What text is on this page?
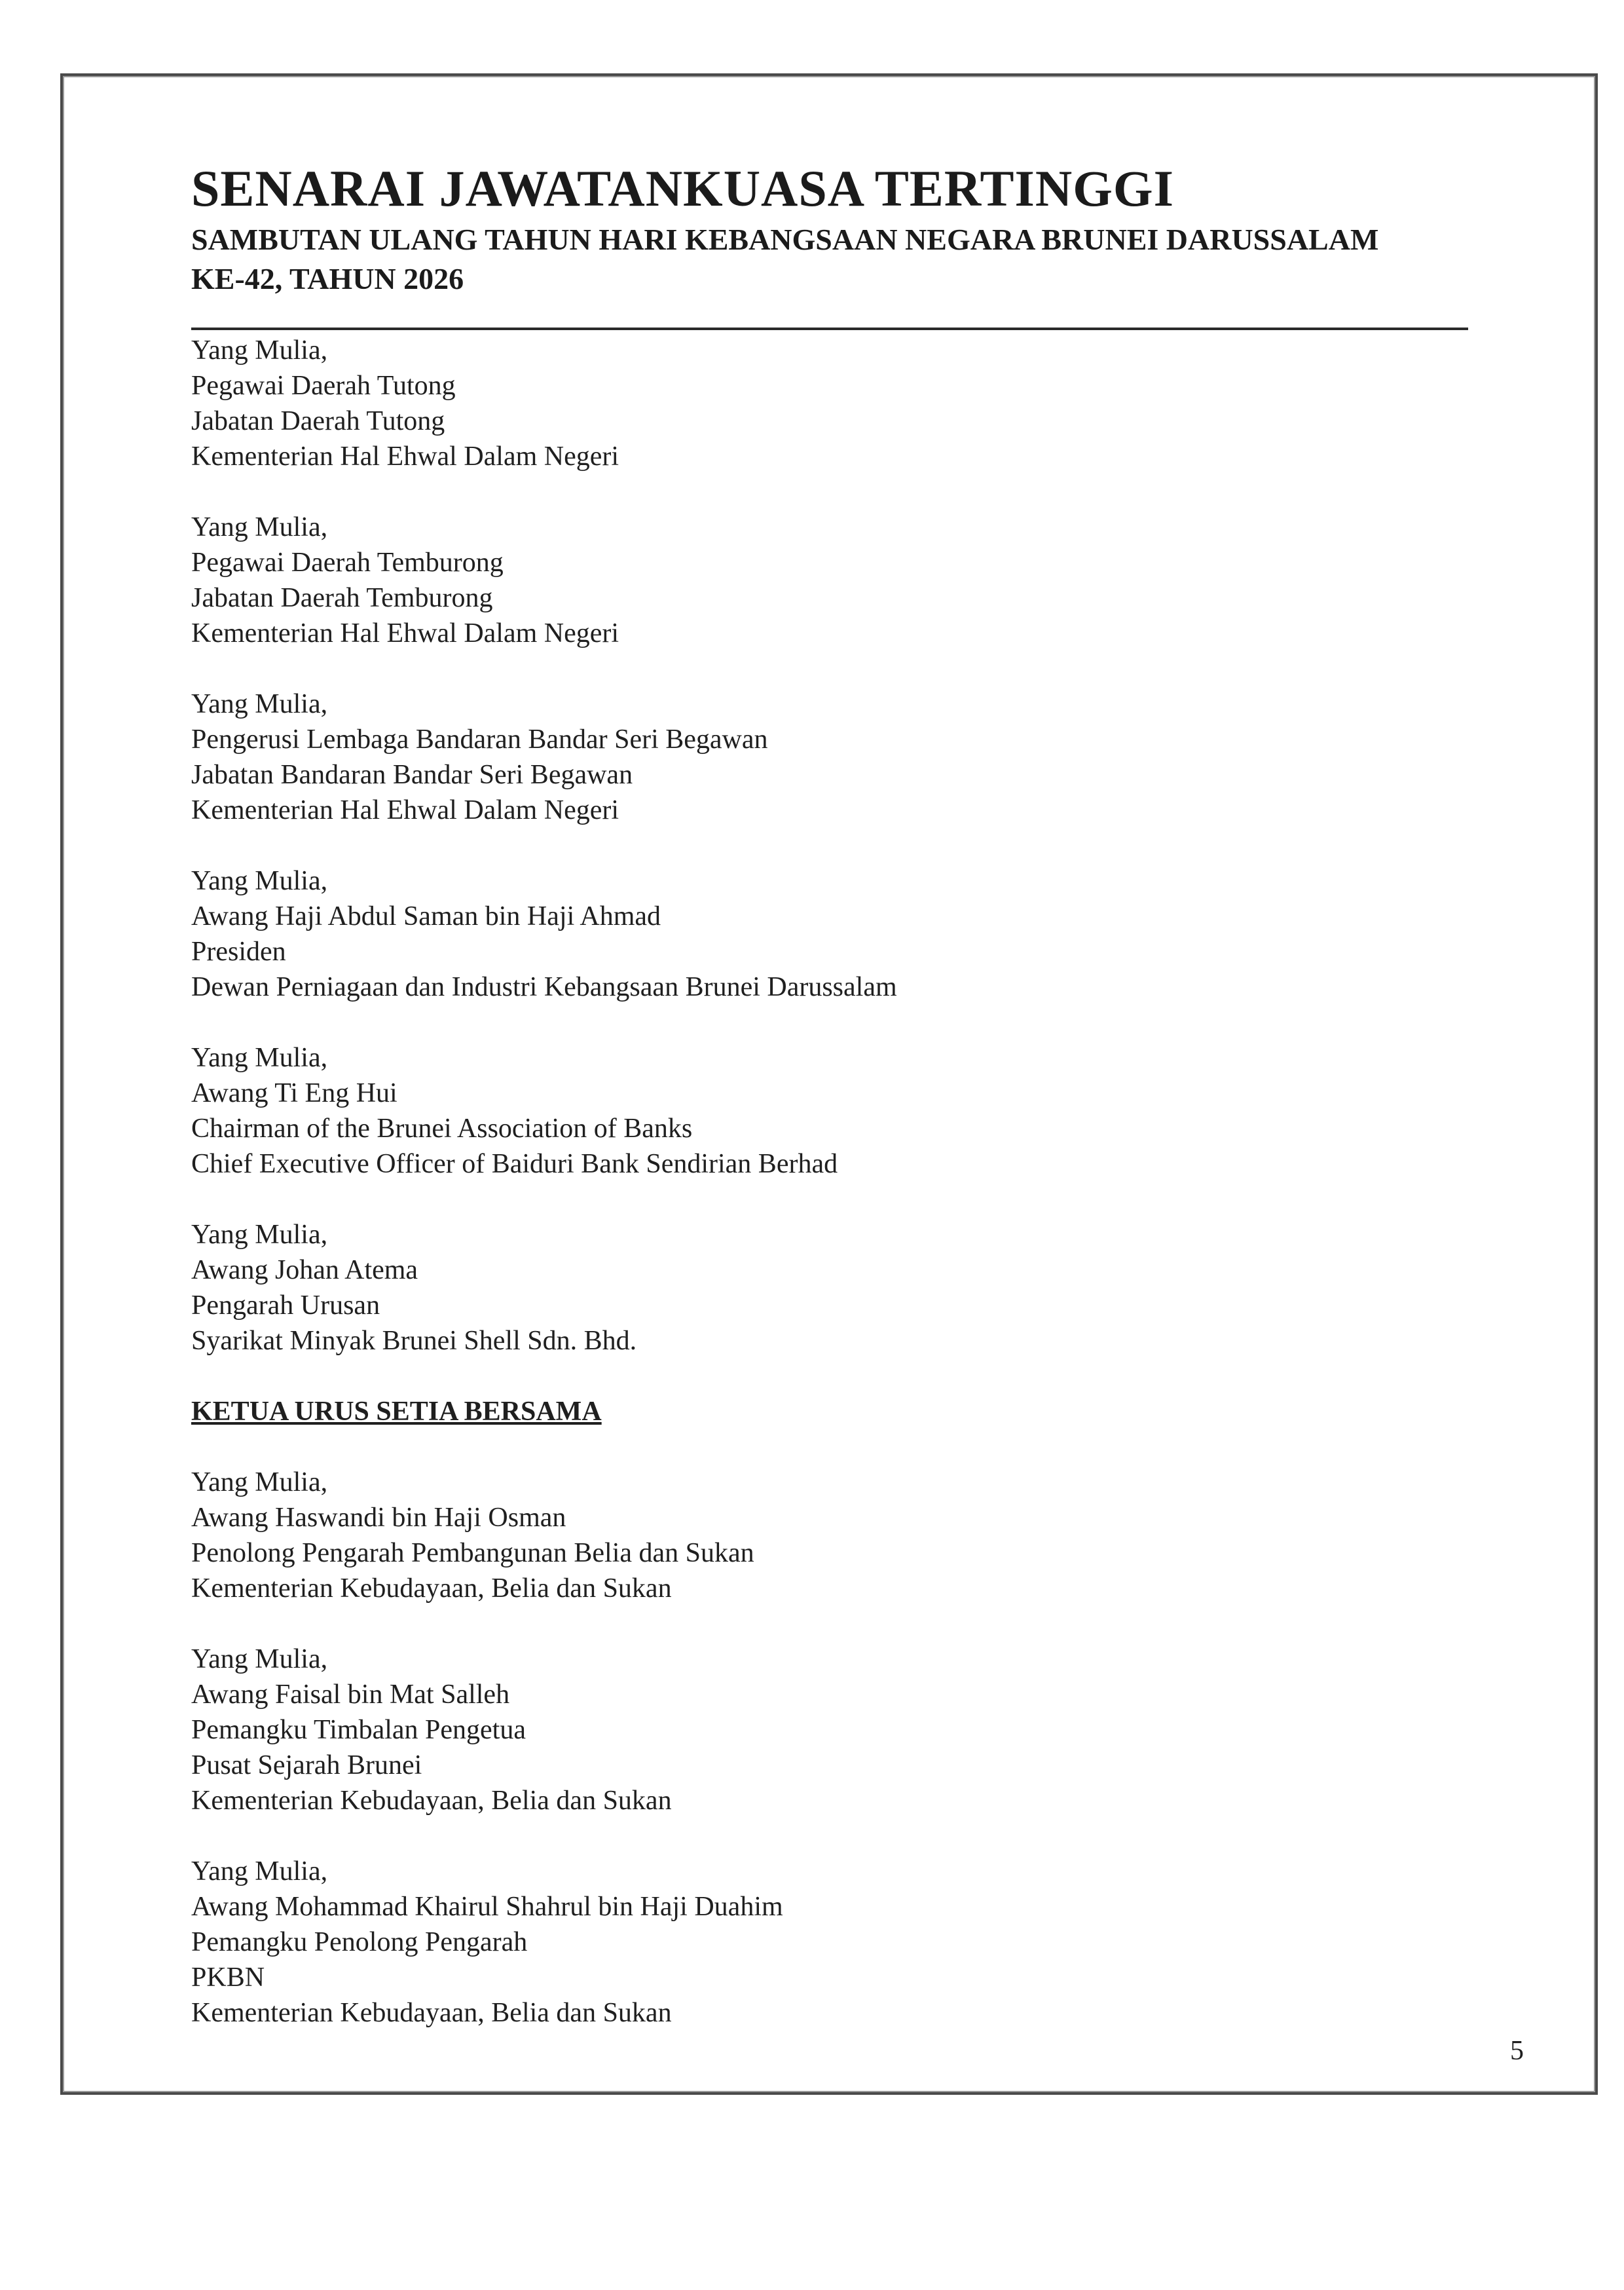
SENARAI JAWATANKUASA TERTINGGI

SAMBUTAN ULANG TAHUN HARI KEBANGSAAN NEGARA BRUNEI DARUSSALAM

KE-42, TAHUN 2026

Yang Mulia,
Pegawai Daerah Tutong
Jabatan Daerah Tutong
Kementerian Hal Ehwal Dalam Negeri
Yang Mulia,
Pegawai Daerah Temburong
Jabatan Daerah Temburong
Kementerian Hal Ehwal Dalam Negeri
Yang Mulia,
Pengerusi Lembaga Bandaran Bandar Seri Begawan
Jabatan Bandaran Bandar Seri Begawan
Kementerian Hal Ehwal Dalam Negeri
Yang Mulia,
Awang Haji Abdul Saman bin Haji Ahmad
Presiden
Dewan Perniagaan dan Industri Kebangsaan Brunei Darussalam
Yang Mulia,
Awang Ti Eng Hui
Chairman of the Brunei Association of Banks
Chief Executive Officer of Baiduri Bank Sendirian Berhad
Yang Mulia,
Awang Johan Atema
Pengarah Urusan
Syarikat Minyak Brunei Shell Sdn. Bhd.
KETUA URUS SETIA BERSAMA
Yang Mulia,
Awang Haswandi bin Haji Osman
Penolong Pengarah Pembangunan Belia dan Sukan
Kementerian Kebudayaan, Belia dan Sukan
Yang Mulia,
Awang Faisal bin Mat Salleh
Pemangku Timbalan Pengetua
Pusat Sejarah Brunei
Kementerian Kebudayaan, Belia dan Sukan
Yang Mulia,
Awang Mohammad Khairul Shahrul bin Haji Duahim
Pemangku Penolong Pengarah
PKBN
Kementerian Kebudayaan, Belia dan Sukan
5
